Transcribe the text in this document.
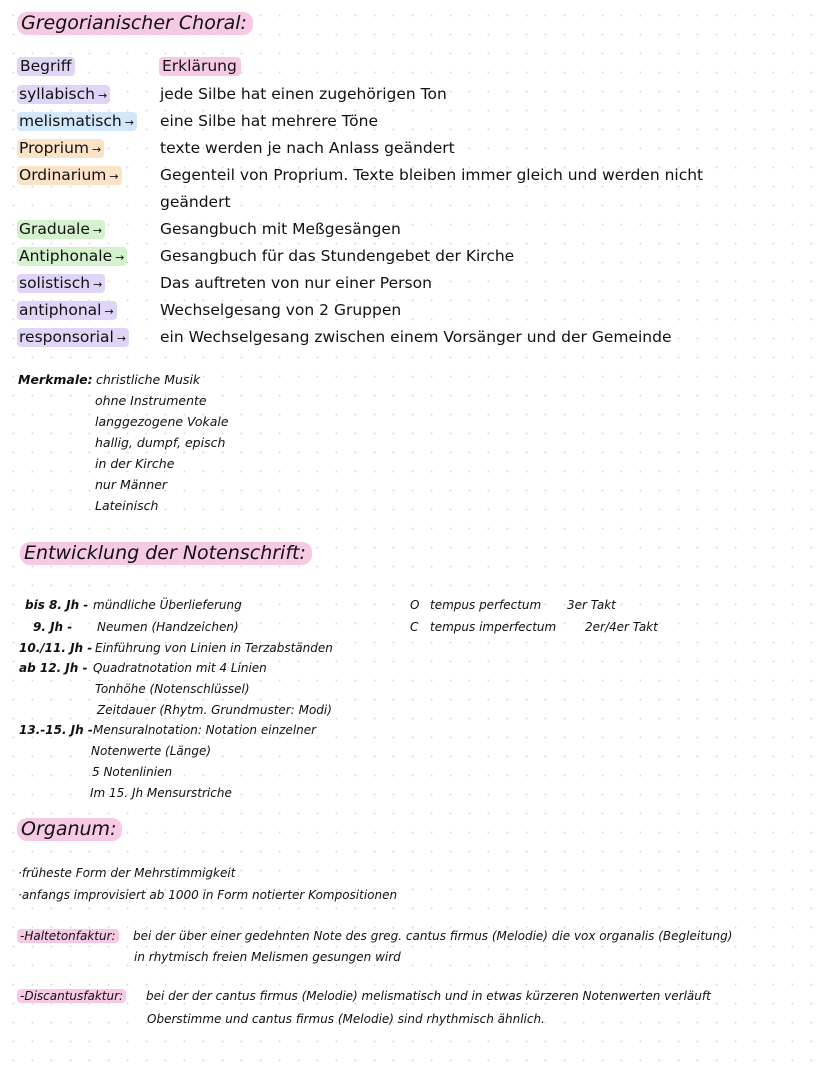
Gregorianischer Choral:
Begriff	Erklärung
syllabisch →	jede Silbe hat einen zugehörigen Ton
melismatisch → eine Silbe hat mehrere Töne
Proprium →	texte werden je nach Anlass geändert
Ordinarium →	Gegenteil von Proprium. Texte bleiben immer gleich und werden nicht
geändert
Graduale →	Gesangbuch mit Meßgesängen
Antiphonale → Gesangbuch für das Stundengebet der Kirche
solistisch →	Das auftreten von nur einer Person
antiphonal →	Wechselgesang von 2 Gruppen
responsorial → ein Wechselgesang zwischen einem Vorsänger und der Gemeinde
Merkmale: christliche Musik
ohne Instrumente
langgezogene Vokale
hallig, dumpf, episch
in der Kirche
nur Männer
Lateinisch
Entwicklung der Notenschrift:
bis 8. Jh - mündliche Überlieferung
9. Jh - Neumen (Handzeichen)
10./11. Jh - Einführung von Linien in Terzabständen
ab 12. Jh - Quadratnotation mit 4 Linien
Tonhöhe (Notenschlüssel)
Zeitdauer (Rhytm. Grundmuster: Modi)
13.-15. Jh - Mensuralnotation: Notation einzelner
Notenwerte (Länge)
5 Notenlinien
Im 15. Jh Mensurstriche
O tempus perfectum 3er Takt
C tempus imperfectum 2er/4er Takt
Organum:
·früheste Form der Mehrstimmigkeit
·anfangs improvisiert ab 1000 in Form notierter Kompositionen
-Haltetonfaktur: bei der über einer gedehnten Note des greg. cantus firmus (Melodie) die vox organalis (Begleitung)
in rhytmisch freien Melismen gesungen wird
-Discantusfaktur: bei der der cantus firmus (Melodie) melismatisch und in etwas kürzeren Notenwerten verläuft
Oberstimme und cantus firmus (Melodie) sind rhythmisch ähnlich.
